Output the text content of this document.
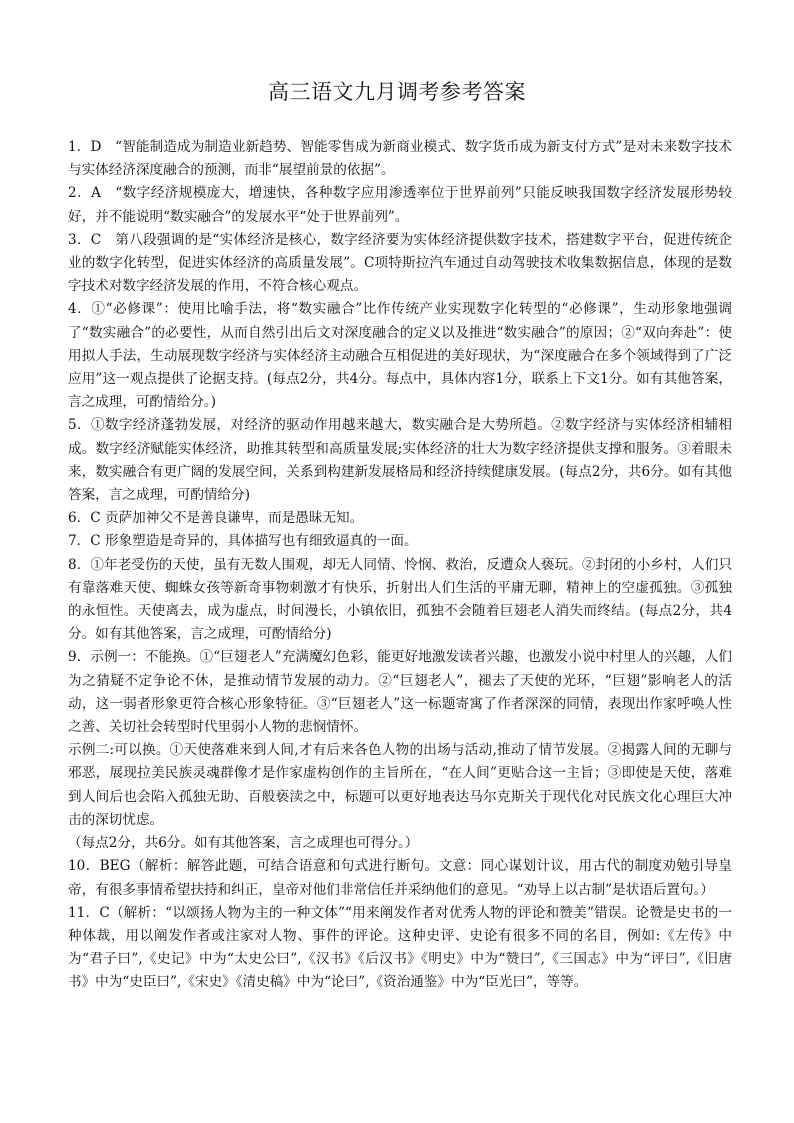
高三语文九月调考参考答案

1．D　“智能制造成为制造业新趋势、智能零售成为新商业模式、数字货币成为新支付方式”是对未来数字技术与实体经济深度融合的预测，而非“展望前景的依据”。

2．A　“数字经济规模庞大，增速快，各种数字应用渗透率位于世界前列”只能反映我国数字经济发展形势较好，并不能说明“数实融合”的发展水平“处于世界前列”。

3．C　第八段强调的是“实体经济是核心，数字经济要为实体经济提供数字技术，搭建数字平台，促进传统企业的数字化转型，促进实体经济的高质量发展”。C项特斯拉汽车通过自动驾驶技术收集数据信息，体现的是数字技术对数字经济发展的作用，不符合核心观点。

4．①“必修课”：使用比喻手法，将“数实融合”比作传统产业实现数字化转型的“必修课”，生动形象地强调了“数实融合”的必要性，从而自然引出后文对深度融合的定义以及推进“数实融合”的原因；②“双向奔赴”：使用拟人手法，生动展现数字经济与实体经济主动融合互相促进的美好现状，为“深度融合在多个领域得到了广泛应用”这一观点提供了论据支持。(每点2分，共4分。每点中，具体内容1分，联系上下文1分。如有其他答案，言之成理，可酌情给分。)

5．①数字经济蓬勃发展，对经济的驱动作用越来越大，数实融合是大势所趋。②数字经济与实体经济相辅相成。数字经济赋能实体经济，助推其转型和高质量发展;实体经济的壮大为数字经济提供支撑和服务。③着眼未来，数实融合有更广阔的发展空间，关系到构建新发展格局和经济持续健康发展。(每点2分，共6分。如有其他答案，言之成理，可酌情给分)

6．C 贡萨加神父不是善良谦卑，而是愚昧无知。

7．C 形象塑造是奇异的，具体描写也有细致逼真的一面。

8．①年老受伤的天使，虽有无数人围观，却无人同情、怜悯、救治，反遭众人亵玩。②封闭的小乡村，人们只有靠落难天使、蜘蛛女孩等新奇事物刺激才有快乐，折射出人们生活的平庸无聊，精神上的空虚孤独。③孤独的永恒性。天使离去，成为虚点，时间漫长，小镇依旧，孤独不会随着巨翅老人消失而终结。(每点2分，共4分。如有其他答案，言之成理，可酌情给分)

9．示例一：不能换。①“巨翅老人”充满魔幻色彩，能更好地激发读者兴趣，也激发小说中村里人的兴趣，人们为之猜疑不定争论不休，是推动情节发展的动力。②“巨翅老人”，褪去了天使的光环，“巨翅”影响老人的活动，这一弱者形象更符合核心形象特征。③“巨翅老人”这一标题寄寓了作者深深的同情，表现出作家呼唤人性之善、关切社会转型时代里弱小人物的悲悯情怀。

示例二:可以换。①天使落难来到人间,才有后来各色人物的出场与活动,推动了情节发展。②揭露人间的无聊与邪恶，展现拉美民族灵魂群像才是作家虚构创作的主旨所在，“在人间”更贴合这一主旨；③即使是天使，落难到人间后也会陷入孤独无助、百般亵渎之中，标题可以更好地表达马尔克斯关于现代化对民族文化心理巨大冲击的深切忧虑。

（每点2分，共6分。如有其他答案，言之成理也可得分。）

10．BEG（解析：解答此题，可结合语意和句式进行断句。文意：同心谋划计议，用古代的制度劝勉引导皇帝，有很多事情希望扶持和纠正，皇帝对他们非常信任并采纳他们的意见。“劝导上以古制”是状语后置句。）

11．C（解析：“以颂扬人物为主的一种文体”“用来阐发作者对优秀人物的评论和赞美”错误。论赞是史书的一种体裁，用以阐发作者或注家对人物、事件的评论。这种史评、史论有很多不同的名目，例如:《左传》中为“君子曰”,《史记》中为“太史公曰”,《汉书》《后汉书》《明史》中为“赞曰”,《三国志》中为“评曰”,《旧唐书》中为“史臣曰”,《宋史》《清史稿》中为“论曰”,《资治通鉴》中为“臣光曰”，等等。
